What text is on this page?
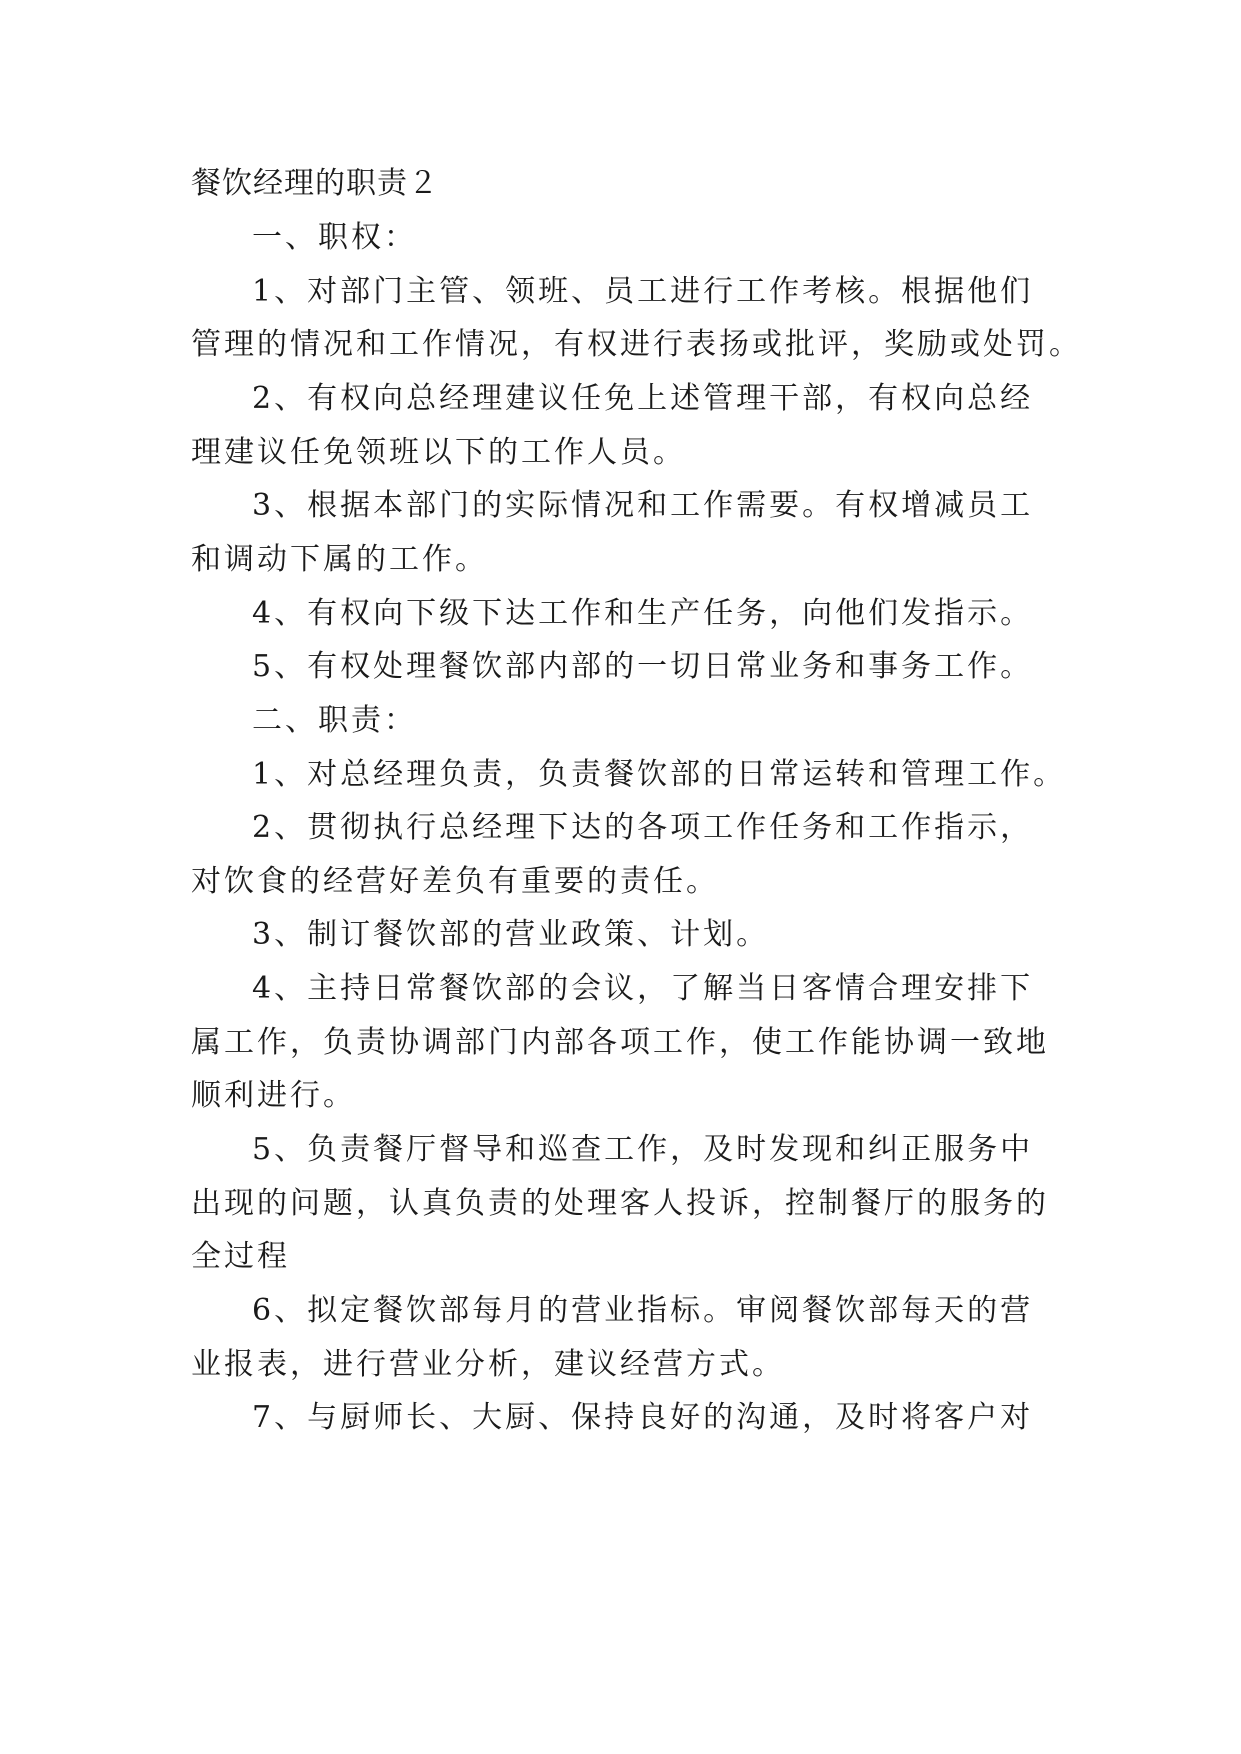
餐饮经理的职责２

一、职权：

1、对部门主管、领班、员工进行工作考核。根据他们

管理的情况和工作情况，有权进行表扬或批评，奖励或处罚。

2、有权向总经理建议任免上述管理干部，有权向总经

理建议任免领班以下的工作人员。

3、根据本部门的实际情况和工作需要。有权增减员工

和调动下属的工作。

4、有权向下级下达工作和生产任务，向他们发指示。

5、有权处理餐饮部内部的一切日常业务和事务工作。

二、职责：

1、对总经理负责，负责餐饮部的日常运转和管理工作。

2、贯彻执行总经理下达的各项工作任务和工作指示，

对饮食的经营好差负有重要的责任。

3、制订餐饮部的营业政策、计划。

4、主持日常餐饮部的会议，了解当日客情合理安排下

属工作，负责协调部门内部各项工作，使工作能协调一致地

顺利进行。

5、负责餐厅督导和巡查工作，及时发现和纠正服务中

出现的问题，认真负责的处理客人投诉，控制餐厅的服务的

全过程

6、拟定餐饮部每月的营业指标。审阅餐饮部每天的营

业报表，进行营业分析，建议经营方式。

7、与厨师长、大厨、保持良好的沟通，及时将客户对
